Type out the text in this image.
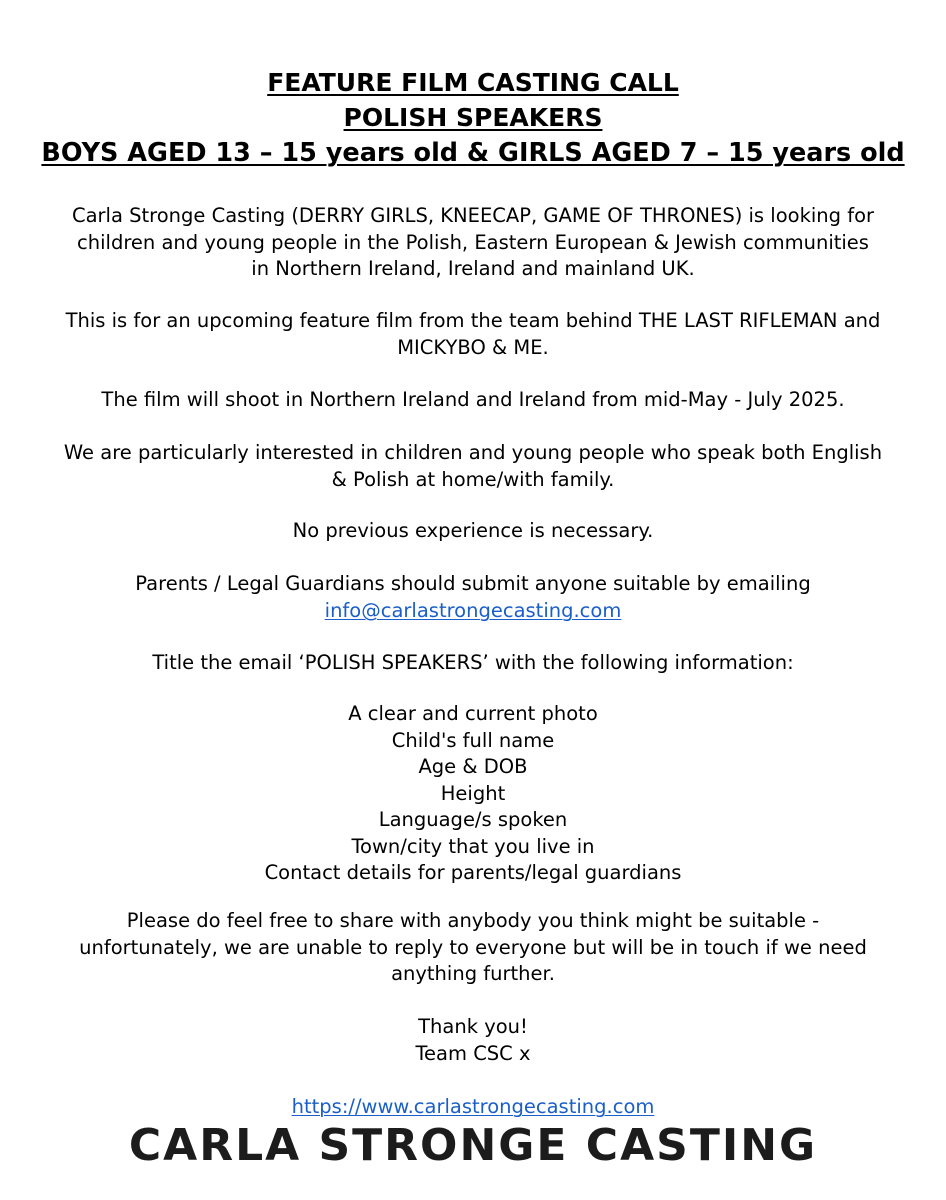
FEATURE FILM CASTING CALL
POLISH SPEAKERS
BOYS AGED 13 – 15 years old & GIRLS AGED 7 – 15 years old
Carla Stronge Casting (DERRY GIRLS, KNEECAP, GAME OF THRONES) is looking for
children and young people in the Polish, Eastern European & Jewish communities
in Northern Ireland, Ireland and mainland UK.
This is for an upcoming feature film from the team behind THE LAST RIFLEMAN and
MICKYBO & ME.
The film will shoot in Northern Ireland and Ireland from mid-May - July 2025.
We are particularly interested in children and young people who speak both English
& Polish at home/with family.
No previous experience is necessary.
Parents / Legal Guardians should submit anyone suitable by emailing
info@carlastrongecasting.com
Title the email ‘POLISH SPEAKERS’ with the following information:
A clear and current photo
Child's full name
Age & DOB
Height
Language/s spoken
Town/city that you live in
Contact details for parents/legal guardians
Please do feel free to share with anybody you think might be suitable -
unfortunately, we are unable to reply to everyone but will be in touch if we need
anything further.
Thank you!
Team CSC x
https://www.carlastrongecasting.com
CARLA STRONGE CASTING
